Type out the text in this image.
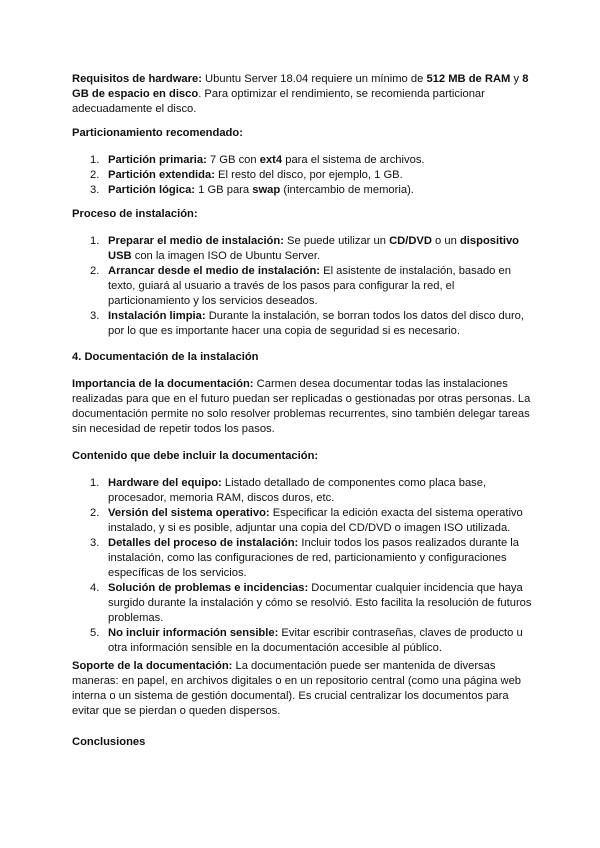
Requisitos de hardware: Ubuntu Server 18.04 requiere un mínimo de 512 MB de RAM y 8 GB de espacio en disco. Para optimizar el rendimiento, se recomienda particionar adecuadamente el disco.
Particionamiento recomendado:
1. Partición primaria: 7 GB con ext4 para el sistema de archivos.
2. Partición extendida: El resto del disco, por ejemplo, 1 GB.
3. Partición lógica: 1 GB para swap (intercambio de memoria).
Proceso de instalación:
1. Preparar el medio de instalación: Se puede utilizar un CD/DVD o un dispositivo USB con la imagen ISO de Ubuntu Server.
2. Arrancar desde el medio de instalación: El asistente de instalación, basado en texto, guiará al usuario a través de los pasos para configurar la red, el particionamiento y los servicios deseados.
3. Instalación limpia: Durante la instalación, se borran todos los datos del disco duro, por lo que es importante hacer una copia de seguridad si es necesario.
4. Documentación de la instalación
Importancia de la documentación: Carmen desea documentar todas las instalaciones realizadas para que en el futuro puedan ser replicadas o gestionadas por otras personas. La documentación permite no solo resolver problemas recurrentes, sino también delegar tareas sin necesidad de repetir todos los pasos.
Contenido que debe incluir la documentación:
1. Hardware del equipo: Listado detallado de componentes como placa base, procesador, memoria RAM, discos duros, etc.
2. Versión del sistema operativo: Especificar la edición exacta del sistema operativo instalado, y si es posible, adjuntar una copia del CD/DVD o imagen ISO utilizada.
3. Detalles del proceso de instalación: Incluir todos los pasos realizados durante la instalación, como las configuraciones de red, particionamiento y configuraciones específicas de los servicios.
4. Solución de problemas e incidencias: Documentar cualquier incidencia que haya surgido durante la instalación y cómo se resolvió. Esto facilita la resolución de futuros problemas.
5. No incluir información sensible: Evitar escribir contraseñas, claves de producto u otra información sensible en la documentación accesible al público.
Soporte de la documentación: La documentación puede ser mantenida de diversas maneras: en papel, en archivos digitales o en un repositorio central (como una página web interna o un sistema de gestión documental). Es crucial centralizar los documentos para evitar que se pierdan o queden dispersos.
Conclusiones
